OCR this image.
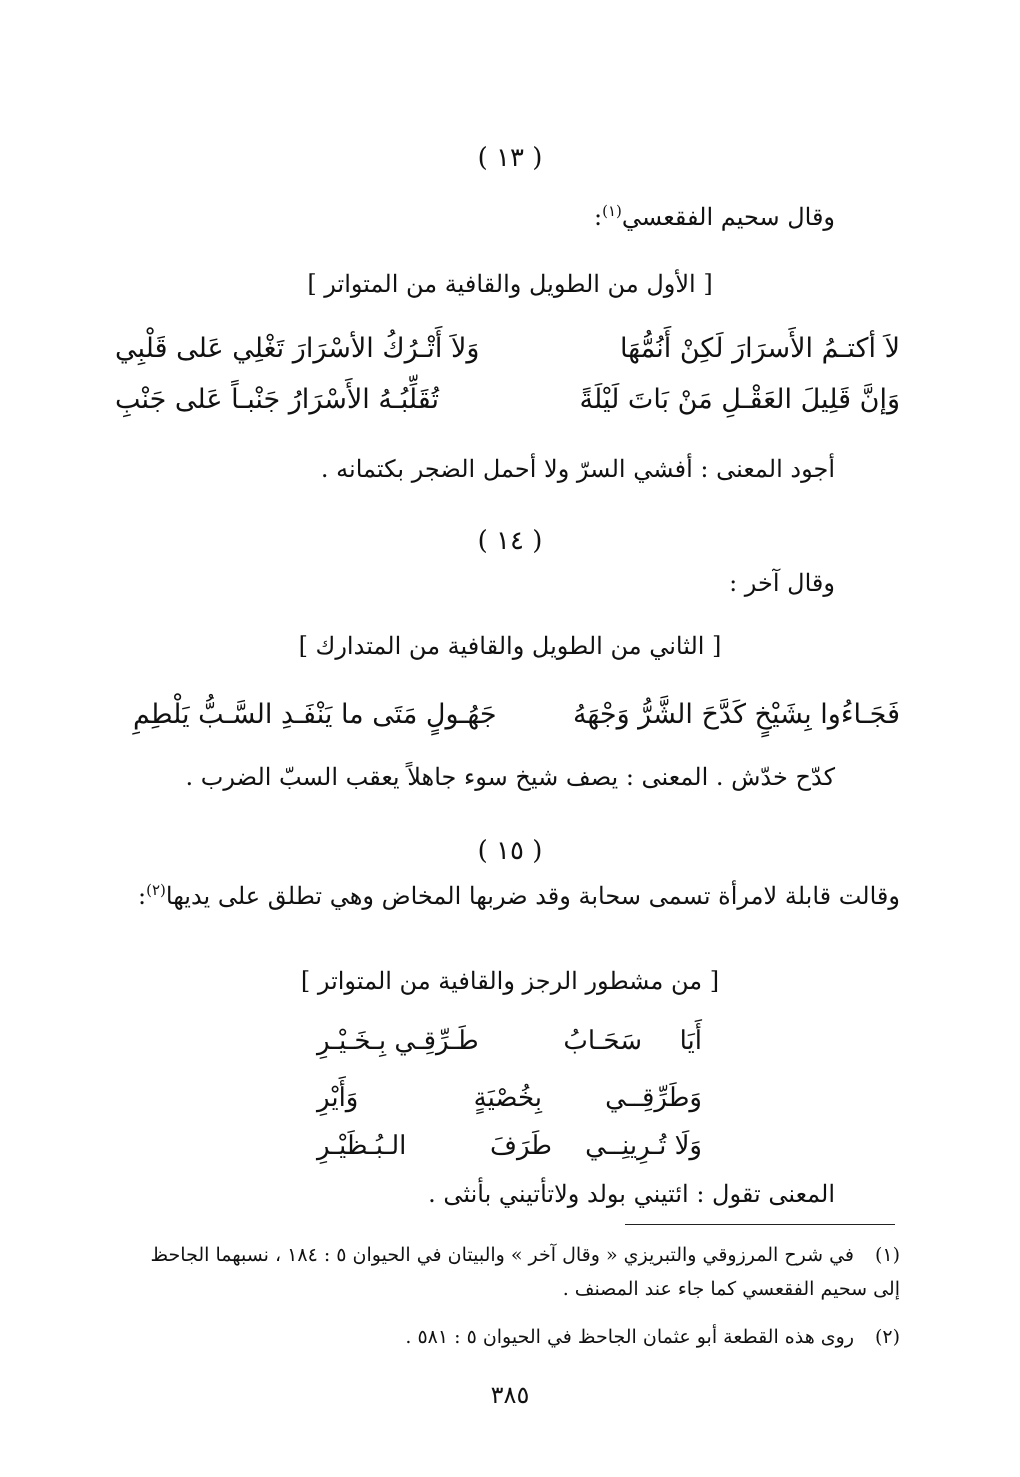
( ١٣ )
وقال سحيم الفقعسي$^{(١)}$:
[ الأول من الطويل والقافية من المتواتر ]
لاَ أكتـمُ الأَسرَارَ لَكِنْ أَنُمُّهَا
وَلاَ أَتْـرُكُ الأسْرَارَ تَغْلِي عَلى قَلْبِي
وَإنَّ قَلِيلَ العَقْـلِ مَنْ بَاتَ لَيْلَةً
تُقَلِّبُـهُ الأَسْرَارُ جَنْبـاً عَلى جَنْبِ
أجود المعنى : أفشي السرّ ولا أحمل الضجر بكتمانه .
( ١٤ )
وقال آخر :
[ الثاني من الطويل والقافية من المتدارك ]
فَجَـاءُوا بِشَيْخٍ كَدَّحَ الشَّرُّ وَجْهَهُ
جَهُـولٍ مَتَى ما يَنْفَـدِ السَّـبُّ يَلْطِمِ
كدّح خدّش . المعنى : يصف شيخ سوء جاهلاً يعقب السبّ الضرب .
( ١٥ )
وقالت قابلة لامرأة تسمى سحابة وقد ضربها المخاض وهي تطلق على يديها$^{(٢)}$:
[ من مشطور الرجز والقافية من المتواتر ]
أَيَا
سَحَـابُ
طَـرِّقِـي بِـخَـيْـرِ
وَطَرِّقِــي
بِخُصْيَةٍ
وَأَيْرِ
وَلَا تُـرِينِــي
طَرَفَ
الـبُـظَيْـرِ
المعنى تقول : ائتيني بولد ولاتأتيني بأنثى .
(١)في شرح المرزوقي والتبريزي « وقال آخر » والبيتان في الحيوان ٥ : ١٨٤ ، نسبهما الجاحظ إلى سحيم الفقعسي كما جاء عند المصنف .
(٢)روى هذه القطعة أبو عثمان الجاحظ في الحيوان ٥ : ٥٨١ .
٣٨٥
